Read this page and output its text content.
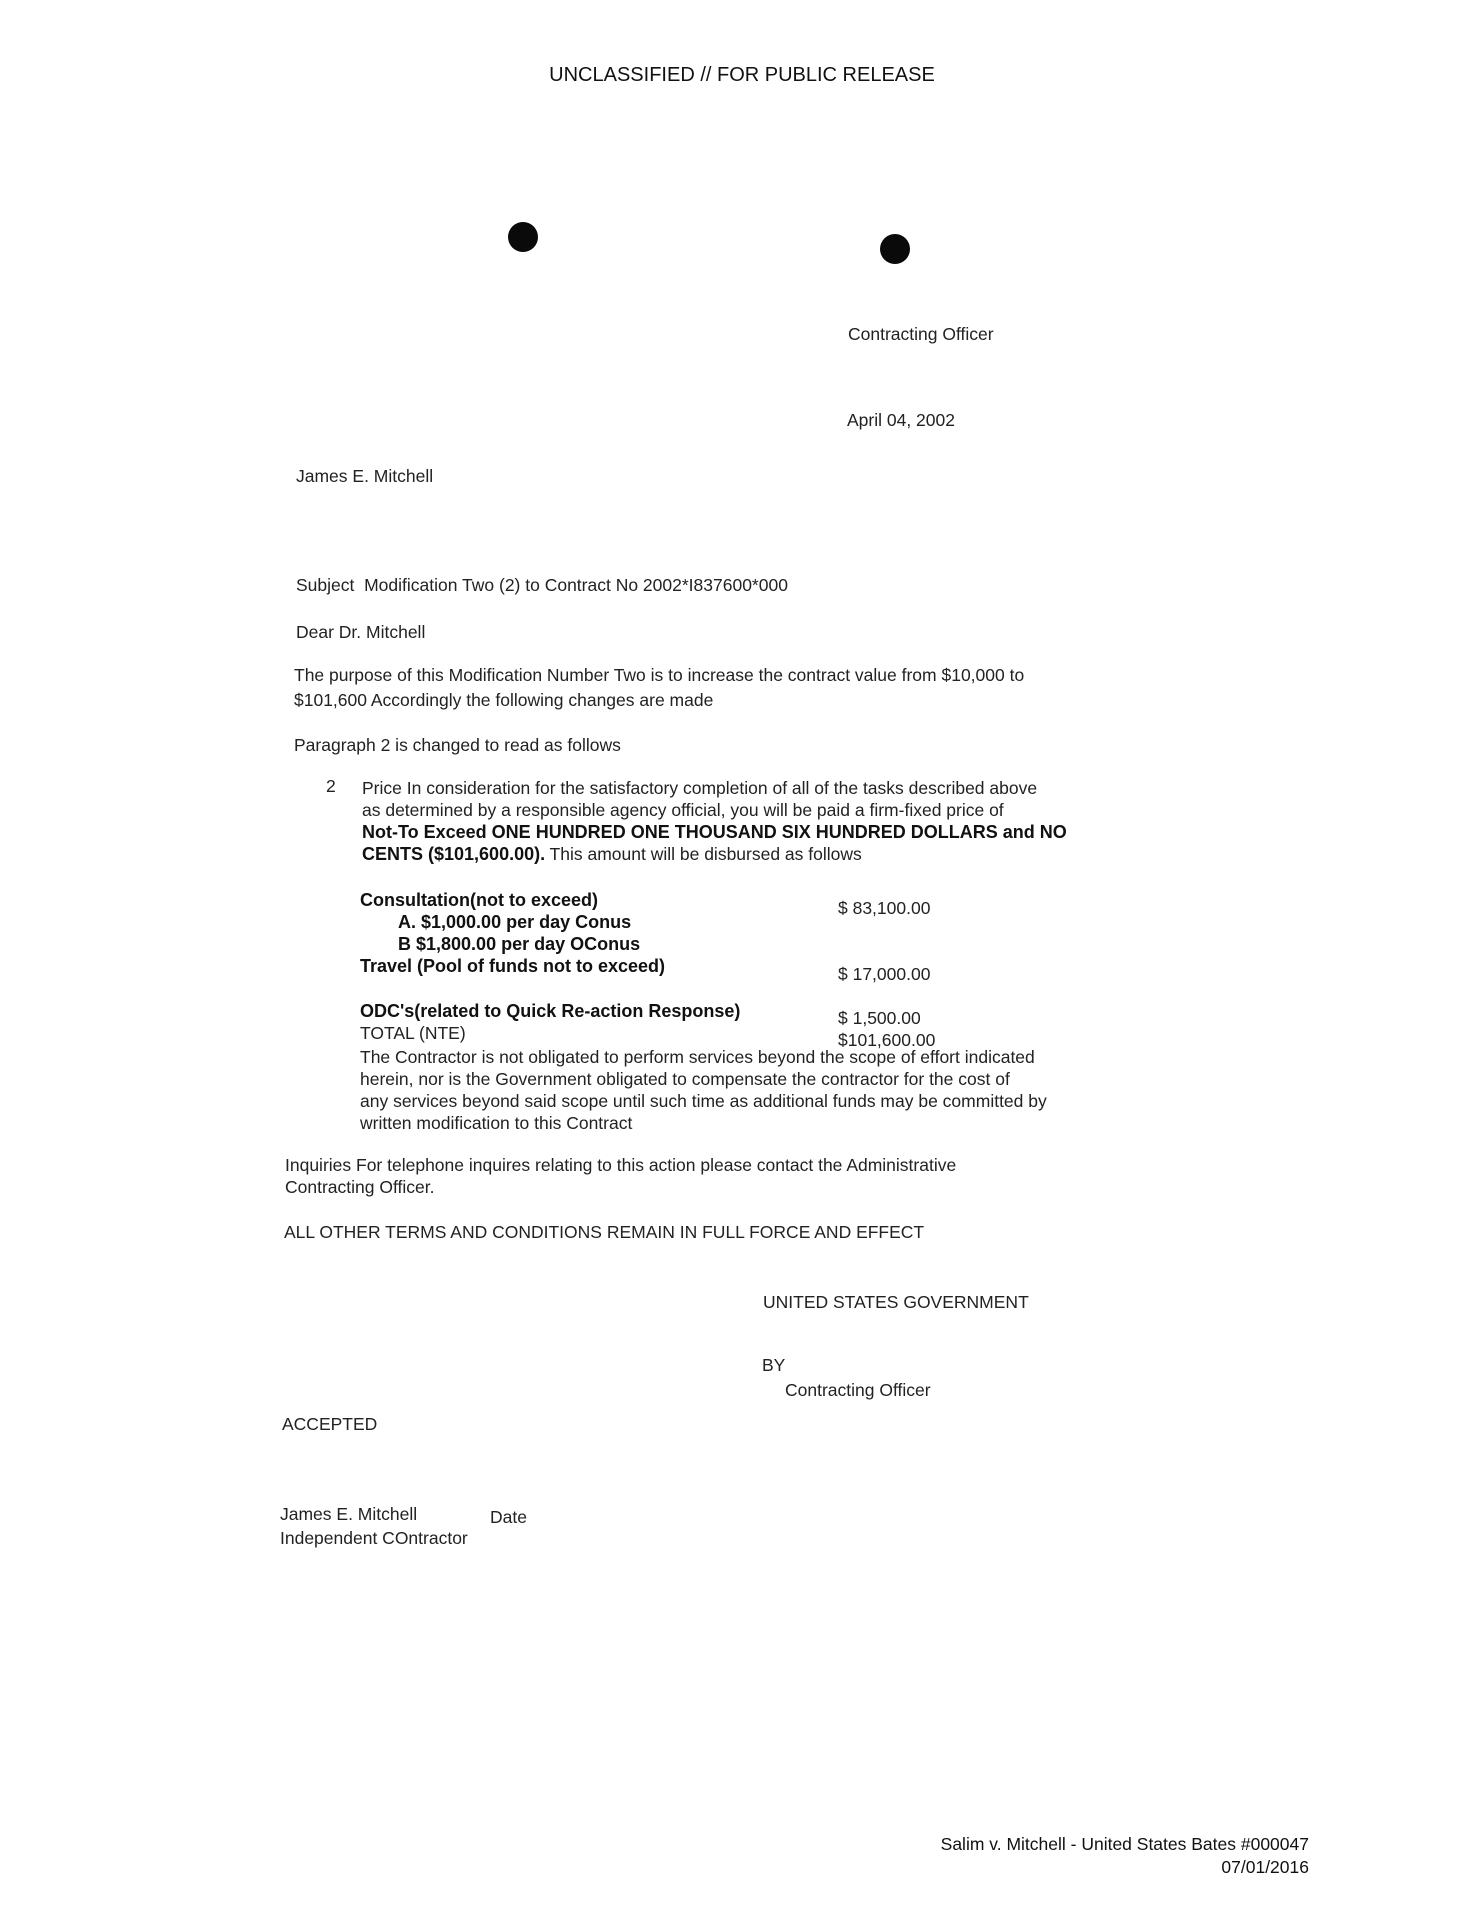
UNCLASSIFIED // FOR PUBLIC RELEASE
Contracting Officer
April 04, 2002
James E. Mitchell
Subject Modification Two (2) to Contract No 2002*I837600*000
Dear Dr. Mitchell
The purpose of this Modification Number Two is to increase the contract value from $10,000 to
$101,600 Accordingly the following changes are made
Paragraph 2 is changed to read as follows
2 Price In consideration for the satisfactory completion of all of the tasks described above
as determined by a responsible agency official, you will be paid a firm-fixed price of
Not-To Exceed ONE HUNDRED ONE THOUSAND SIX HUNDRED DOLLARS and NO
CENTS ($101,600.00). This amount will be disbursed as follows
Consultation(not to exceed)	$ 83,100.00
A. $1,000.00 per day Conus
B $1,800.00 per day OConus
Travel (Pool of funds not to exceed)	$ 17,000.00
ODC's(related to Quick Re-action Response)	$ 1,500.00
TOTAL (NTE)	$101,600.00
The Contractor is not obligated to perform services beyond the scope of effort indicated
herein, nor is the Government obligated to compensate the contractor for the cost of
any services beyond said scope until such time as additional funds may be committed by
written modification to this Contract
Inquiries For telephone inquires relating to this action please contact the Administrative
Contracting Officer.
ALL OTHER TERMS AND CONDITIONS REMAIN IN FULL FORCE AND EFFECT
UNITED STATES GOVERNMENT
BY
Contracting Officer
ACCEPTED
James E. Mitchell	Date
Independent COntractor
Salim v. Mitchell - United States Bates #000047
07/01/2016
